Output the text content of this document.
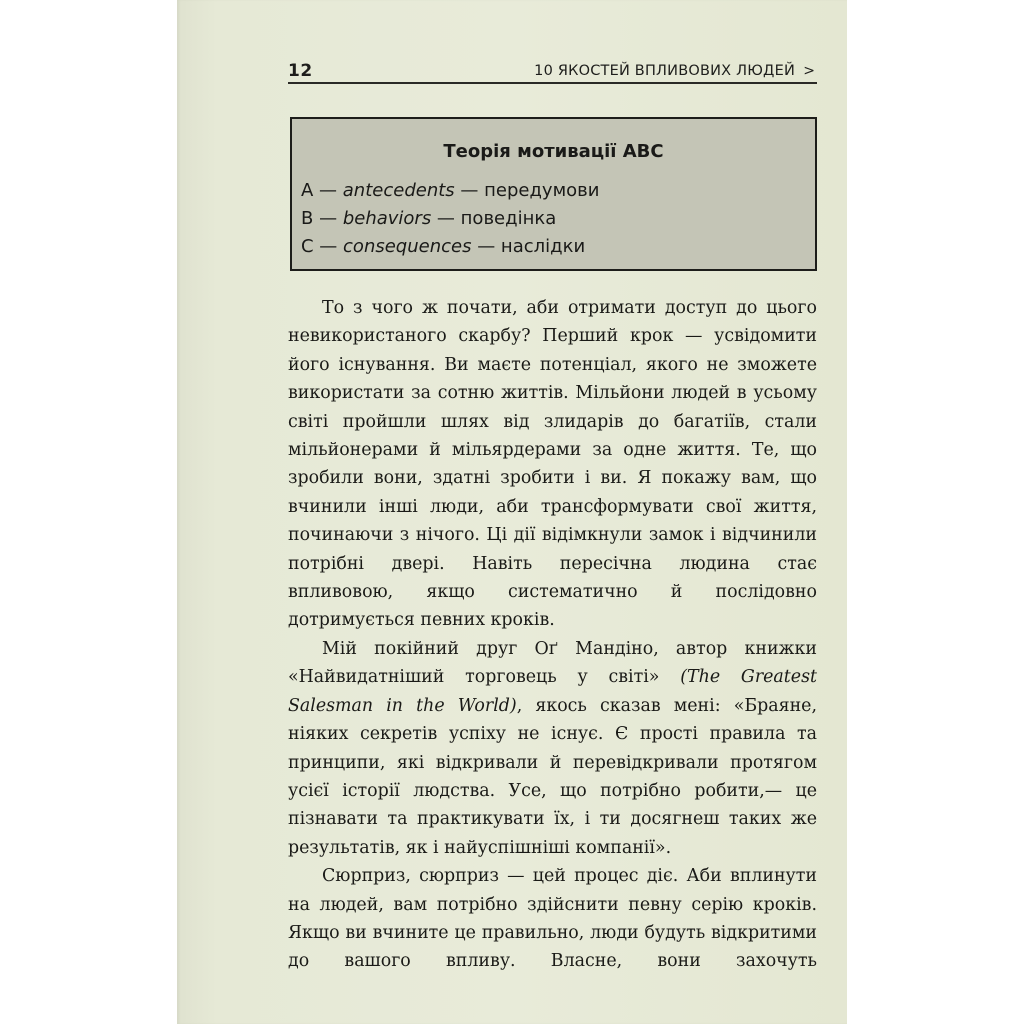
12	10 ЯКОСТЕЙ ВПЛИВОВИХ ЛЮДЕЙ >
Теорія мотивації АВС
А — antecedents — передумови
В — behaviors — поведінка
С — consequences — наслідки

То з чого ж почати, аби отримати доступ до цього невикористаного скарбу? Перший крок — усвідомити його існування. Ви маєте потенціал, якого не зможете використати за сотню життів. Мільйони людей в усьому світі пройшли шлях від злидарів до багатіїв, стали мільйонерами й мільярдерами за одне життя. Те, що зробили вони, здатні зробити і ви. Я покажу вам, що вчинили інші люди, аби трансформувати свої життя, починаючи з нічого. Ці дії відімкнули замок і відчинили потрібні двері. Навіть пересічна людина стає впливовою, якщо систематично й послідовно дотримується певних кроків.

Мій покійний друг Оґ Мандіно, автор книжки «Найвидатніший торговець у світі» (The Greatest Salesman in the World), якось сказав мені: «Браяне, ніяких секретів успіху не існує. Є прості правила та принципи, які відкривали й перевідкривали протягом усієї історії людства. Усе, що потрібно робити,— це пізнавати та практикувати їх, і ти досягнеш таких же результатів, як і найуспішніші компанії».

Сюрприз, сюрприз — цей процес діє. Аби вплинути на людей, вам потрібно здійснити певну серію кроків. Якщо ви вчините це правильно, люди будуть відкритими до вашого впливу. Власне, вони захочуть
